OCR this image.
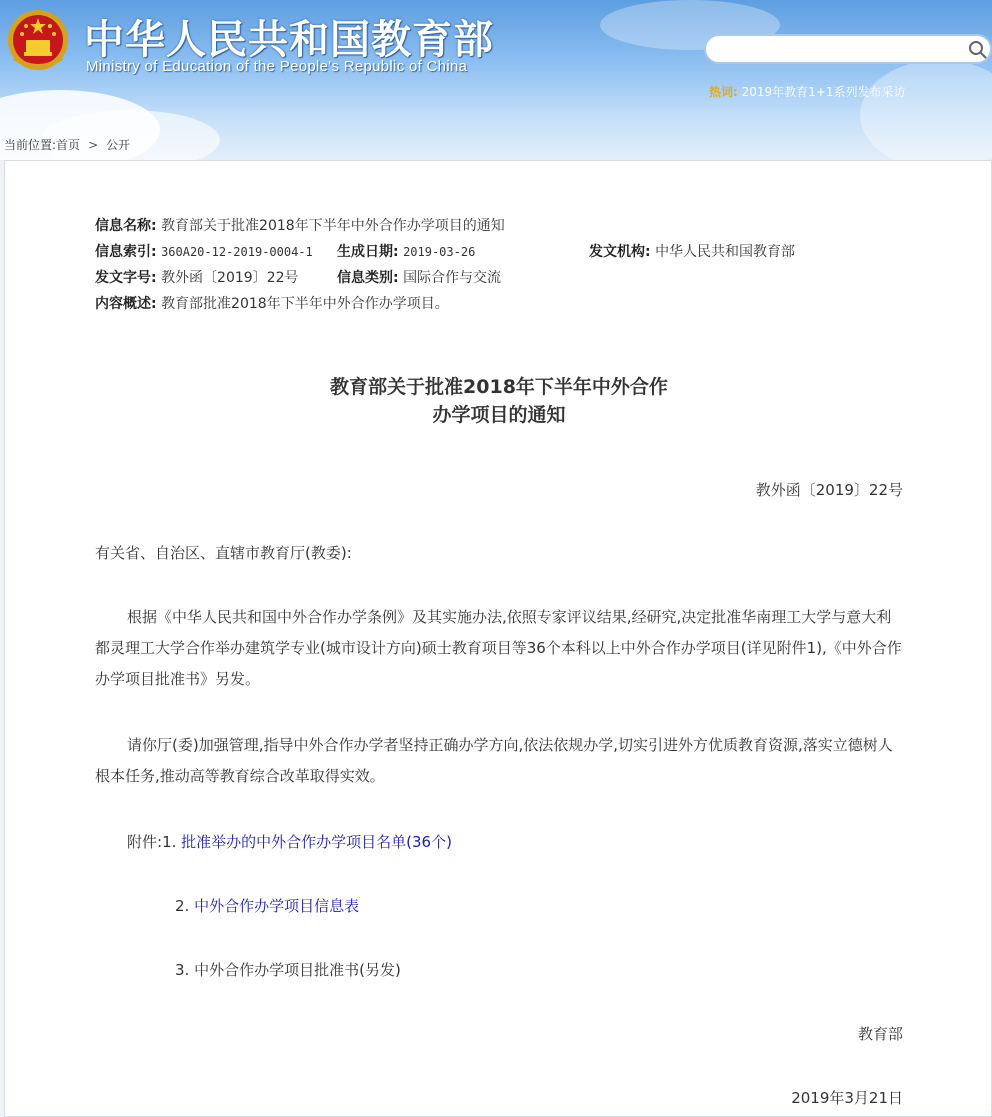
中华人民共和国教育部
Ministry of Education of the People's Republic of China
热词: 2019年教育1+1系列发布采访
当前位置:首页 > 公开
信息名称: 教育部关于批准2018年下半年中外合作办学项目的通知
信息索引: 360A20-12-2019-0004-1 生成日期: 2019-03-26	发文机构: 中华人民共和国教育部
发文字号: 教外函〔2019〕22号	信息类别: 国际合作与交流
内容概述: 教育部批准2018年下半年中外合作办学项目。
教育部关于批准2018年下半年中外合作
办学项目的通知
教外函〔2019〕22号
有关省、自治区、直辖市教育厅(教委):
根据《中华人民共和国中外合作办学条例》及其实施办法,依照专家评议结果,经研究,决定批准华南理工大学与意大利都灵理工大学合作举办建筑学专业(城市设计方向)硕士教育项目等36个本科以上中外合作办学项目(详见附件1),《中外合作办学项目批准书》另发。
请你厅(委)加强管理,指导中外合作办学者坚持正确办学方向,依法依规办学,切实引进外方优质教育资源,落实立德树人根本任务,推动高等教育综合改革取得实效。
附件:1. 批准举办的中外合作办学项目名单(36个)
2. 中外合作办学项目信息表
3. 中外合作办学项目批准书(另发)
教育部
2019年3月21日
